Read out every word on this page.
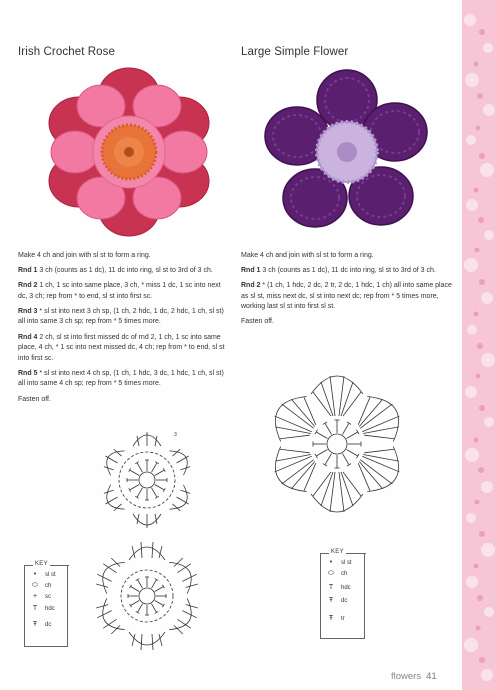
Irish Crochet Rose	Large Simple Flower

Make 4 ch and join with sl st to form a ring.

Rnd 1 3 ch (counts as 1 dc), 11 dc into ring, sl st to 3rd of 3 ch.

Rnd 2 1 ch, 1 sc into same place, 3 ch, * miss 1 dc, 1 sc into next dc, 3 ch; rep from * to end, sl st into first sc.

Rnd 3 * sl st into next 3 ch sp, (1 ch, 2 hdc, 1 dc, 2 hdc, 1 ch, sl st) all into same 3 ch sp; rep from * 5 times more.

Rnd 4 2 ch, sl st into first missed dc of rnd 2, 1 ch, 1 sc into same place, 4 ch, * 1 sc into next missed dc, 4 ch; rep from * to end, sl st into first sc.

Rnd 5 * sl st into next 4 ch sp, (1 ch, 1 hdc, 3 dc, 1 hdc, 1 ch, sl st) all into same 4 ch sp; rep from * 5 times more.

Fasten off.

Make 4 ch and join with sl st to form a ring.

Rnd 1 3 ch (counts as 1 dc), 11 dc into ring, sl st to 3rd of 3 ch.

Rnd 2 * (1 ch, 1 hdc, 2 dc, 2 tr, 2 dc, 1 hdc, 1 ch) all into same place as sl st, miss next dc, sl st into next dc; rep from * 5 times more, working last sl st into first sl st.

Fasten off.

3
KEY
•	sl st
⬭	ch
+	sc
T	hdc
Ŧ	dc
KEY
•	sl st
⬭	ch
T	hdc
Ŧ	dc
Ŧ	tr
flowers 41
